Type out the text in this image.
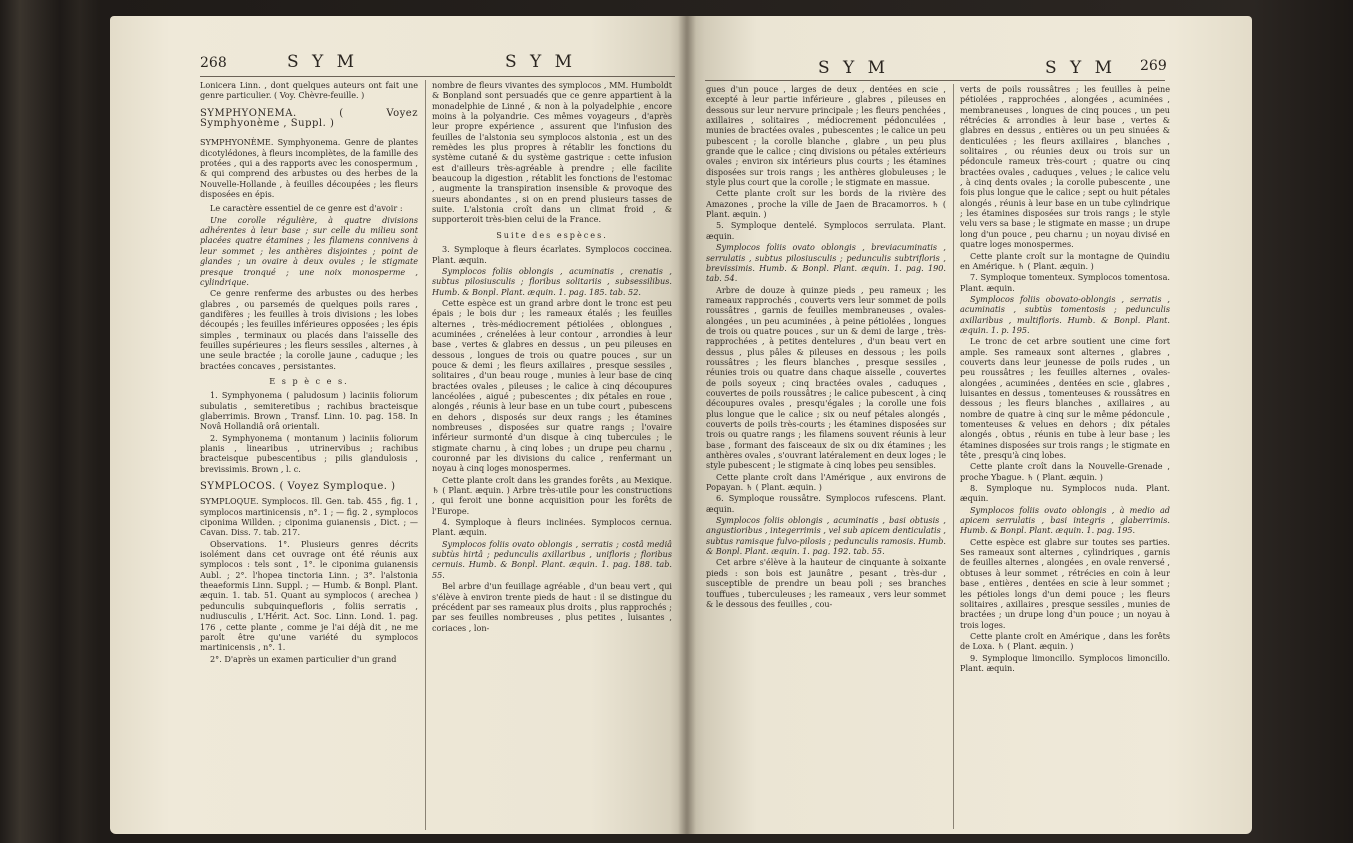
268	S Y M	S Y M	S Y M	S Y M 269

Lonicera Linn. , dont quelques auteurs ont fait une genre particulier. ( Voy. Chèvre-feuille. )

SYMPHYONEMA. ( Voyez Symphyonème , Suppl. )

SYMPHYONÈME. Symphyonema. Genre de plantes dicotylédones, à fleurs incomplètes, de la famille des protées , qui a des rapports avec les conospermum , & qui comprend des arbustes ou des herbes de la Nouvelle-Hollande , à feuilles découpées ; les fleurs disposées en épis.

Le caractère essentiel de ce genre est d'avoir :

Une corolle régulière, à quatre divisions adhérentes à leur base ; sur celle du milieu sont placées quatre étamines ; les filamens connivens à leur sommet ; les anthères disjointes ; point de glandes ; un ovaire à deux ovules ; le stigmate presque tronqué ; une noix monosperme , cylindrique.

Ce genre renferme des arbustes ou des herbes glabres , ou parsemés de quelques poils rares , gandifères ; les feuilles à trois divisions ; les lobes découpés ; les feuilles inférieures opposées ; les épis simples , terminaux ou placés dans l'aisselle des feuilles supérieures ; les fleurs sessiles , alternes , à une seule bractée ; la corolle jaune , caduque ; les bractées concaves , persistantes.

E s p è c e s.

1. Symphyonema ( paludosum ) laciniis foliorum subulatis , semiteretibus ; rachibus bracteisque glaberrimis. Brown , Transf. Linn. 10. pag. 158. In Novâ Hollandiâ orâ orientali.

2. Symphyonema ( montanum ) laciniis foliorum planis , linearibus , utrinervibus ; rachibus bracteisque pubescentibus ; pilis glandulosis , brevissimis. Brown , l. c.

SYMPLOCOS. ( Voyez Symploque. )

SYMPLOQUE. Symplocos. Ill. Gen. tab. 455 , fig. 1 , symplocos martinicensis , n°. 1 ; — fig. 2 , symplocos ciponima Willden. ; ciponima guianensis , Dict. ; — Cavan. Diss. 7. tab. 217.

Observations. 1°. Plusieurs genres décrits isolément dans cet ouvrage ont été réunis aux symplocos : tels sont , 1°. le ciponima guianensis Aubl. ; 2°. l'hopea tinctoria Linn. ; 3°. l'alstonia theaeformis Linn. Suppl. ; — Humb. & Bonpl. Plant. æquin. 1. tab. 51. Quant au symplocos ( arechea ) pedunculis subquinquefloris , foliis serratis , nudiusculis , L'Hérit. Act. Soc. Linn. Lond. 1. pag. 176 , cette plante , comme je l'ai déjà dit , ne me paroît être qu'une variété du symplocos martinicensis , n°. 1.

2°. D'après un examen particulier d'un grand

nombre de fleurs vivantes des symplocos , MM. Humboldt & Bonpland sont persuadés que ce genre appartient à la monadelphie de Linné , & non à la polyadelphie , encore moins à la polyandrie. Ces mêmes voyageurs , d'après leur propre expérience , assurent que l'infusion des feuilles de l'alstonia seu symplocos alstonia , est un des remèdes les plus propres à rétablir les fonctions du système cutané & du système gastrique : cette infusion est d'ailleurs très-agréable à prendre ; elle facilite beaucoup la digestion , rétablit les fonctions de l'estomac , augmente la transpiration insensible & provoque des sueurs abondantes , si on en prend plusieurs tasses de suite. L'alstonia croît dans un climat froid , & supporteroit très-bien celui de la France.

Suite des espèces.

3. Symploque à fleurs écarlates. Symplocos coccinea. Plant. æquin.

Symplocos foliis oblongis , acuminatis , crenatis , subtus pilosiusculis ; floribus solitariis , subsessilibus. Humb. & Bonpl. Plant. æquin. 1. pag. 185. tab. 52.

Cette espèce est un grand arbre dont le tronc est peu épais ; le bois dur ; les rameaux étalés ; les feuilles alternes , très-médiocrement pétiolées , oblongues , acuminées , crénelées à leur contour , arrondies à leur base , vertes & glabres en dessus , un peu pileuses en dessous , longues de trois ou quatre pouces , sur un pouce & demi ; les fleurs axillaires , presque sessiles , solitaires , d'un beau rouge , munies à leur base de cinq bractées ovales , pileuses ; le calice à cinq découpures lancéolées , aigué ; pubescentes ; dix pétales en roue , alongés , réunis à leur base en un tube court , pubescens en dehors , disposés sur deux rangs ; les étamines nombreuses , disposées sur quatre rangs ; l'ovaire inférieur surmonté d'un disque à cinq tubercules ; le stigmate charnu , à cinq lobes ; un drupe peu charnu , couronné par les divisions du calice , renfermant un noyau à cinq loges monospermes.

Cette plante croît dans les grandes forêts , au Mexique. ♄ ( Plant. æquin. ) Arbre très-utile pour les constructions , qui feroit une bonne acquisition pour les forêts de l'Europe.

4. Symploque à fleurs inclinées. Symplocos cernua. Plant. æquin.

Symplocos foliis ovato oblongis , serratis ; costâ mediâ subtùs hirtâ ; pedunculis axillaribus , unifloris ; floribus cernuis. Humb. & Bonpl. Plant. æquin. 1. pag. 188. tab. 55.

Bel arbre d'un feuillage agréable , d'un beau vert , qui s'élève à environ trente pieds de haut : il se distingue du précédent par ses rameaux plus droits , plus rapprochés ; par ses feuilles nombreuses , plus petites , luisantes , coriaces , lon-

gues d'un pouce , larges de deux , dentées en scie , excepté à leur partie inférieure , glabres , pileuses en dessous sur leur nervure principale ; les fleurs penchées , axillaires , solitaires , médiocrement pédonculées , munies de bractées ovales , pubescentes ; le calice un peu pubescent ; la corolle blanche , glabre , un peu plus grande que le calice ; cinq divisions ou pétales extérieurs ovales ; environ six intérieurs plus courts ; les étamines disposées sur trois rangs ; les anthères globuleuses ; le style plus court que la corolle ; le stigmate en massue.

Cette plante croît sur les bords de la rivière des Amazones , proche la ville de Jaen de Bracamorros. ♄ ( Plant. æquin. )

5. Symploque dentelé. Symplocos serrulata. Plant. æquin.

Symplocos foliis ovato oblongis , breviacuminatis , serrulatis , subtus pilosiusculis ; pedunculis subtrifloris , brevissimis. Humb. & Bonpl. Plant. æquin. 1. pag. 190. tab. 54.

Arbre de douze à quinze pieds , peu rameux ; les rameaux rapprochés , couverts vers leur sommet de poils roussâtres , garnis de feuilles membraneuses , ovales-alongées , un peu acuminées , à peine pétiolées , longues de trois ou quatre pouces , sur un & demi de large , très-rapprochées , à petites dentelures , d'un beau vert en dessus , plus pâles & pileuses en dessous ; les poils roussâtres ; les fleurs blanches , presque sessiles , réunies trois ou quatre dans chaque aisselle , couvertes de poils soyeux ; cinq bractées ovales , caduques , couvertes de poils roussâtres ; le calice pubescent , à cinq découpures ovales , presqu'égales ; la corolle une fois plus longue que le calice ; six ou neuf pétales alongés , couverts de poils très-courts ; les étamines disposées sur trois ou quatre rangs ; les filamens souvent réunis à leur base , formant des faisceaux de six ou dix étamines ; les anthères ovales , s'ouvrant latéralement en deux loges ; le style pubescent ; le stigmate à cinq lobes peu sensibles.

Cette plante croît dans l'Amérique , aux environs de Popayan. ♄ ( Plant. æquin. )

6. Symploque roussâtre. Symplocos rufescens. Plant. æquin.

Symplocos foliis oblongis , acuminatis , basi obtusis , angustioribus , integerrimis , vel sub apicem denticulatis , subtus ramisque fulvo-pilosis ; pedunculis ramosis. Humb. & Bonpl. Plant. æquin. 1. pag. 192. tab. 55.

Cet arbre s'élève à la hauteur de cinquante à soixante pieds : son bois est jaunâtre , pesant , très-dur , susceptible de prendre un beau poli ; ses branches touffues , tuberculeuses ; les rameaux , vers leur sommet & le dessous des feuilles , cou-

verts de poils roussâtres ; les feuilles à peine pétiolées , rapprochées , alongées , acuminées , membraneuses , longues de cinq pouces , un peu rétrécies & arrondies à leur base , vertes & glabres en dessus , entières ou un peu sinuées & denticulées ; les fleurs axillaires , blanches , solitaires , ou réunies deux ou trois sur un pédoncule rameux très-court ; quatre ou cinq bractées ovales , caduques , velues ; le calice velu , à cinq dents ovales ; la corolle pubescente , une fois plus longue que le calice ; sept ou huit pétales alongés , réunis à leur base en un tube cylindrique ; les étamines disposées sur trois rangs ; le style velu vers sa base ; le stigmate en masse ; un drupe long d'un pouce , peu charnu ; un noyau divisé en quatre loges monospermes.

Cette plante croît sur la montagne de Quindiu en Amérique. ♄ ( Plant. æquin. )

7. Symploque tomenteux. Symplocos tomentosa. Plant. æquin.

Symplocos foliis obovato-oblongis , serratis , acuminatis , subtùs tomentosis ; pedunculis axillaribus , multifloris. Humb. & Bonpl. Plant. æquin. 1. p. 195.

Le tronc de cet arbre soutient une cime fort ample. Ses rameaux sont alternes , glabres , couverts dans leur jeunesse de poils rudes , un peu roussâtres ; les feuilles alternes , ovales-alongées , acuminées , dentées en scie , glabres , luisantes en dessus , tomenteuses & roussâtres en dessous ; les fleurs blanches , axillaires , au nombre de quatre à cinq sur le même pédoncule , tomenteuses & velues en dehors ; dix pétales alongés , obtus , réunis en tube à leur base ; les étamines disposées sur trois rangs ; le stigmate en tête , presqu'à cinq lobes.

Cette plante croît dans la Nouvelle-Grenade , proche Ybague. ♄ ( Plant. æquin. )

8. Symploque nu. Symplocos nuda. Plant. æquin.

Symplocos foliis ovato oblongis , à medio ad apicem serrulatis , basi integris , glaberrimis. Humb. & Bonpl. Plant. æquin. 1. pag. 195.

Cette espèce est glabre sur toutes ses parties. Ses rameaux sont alternes , cylindriques , garnis de feuilles alternes , alongées , en ovale renversé , obtuses à leur sommet , rétrécies en coin à leur base , entières , dentées en scie à leur sommet ; les pétioles longs d'un demi pouce ; les fleurs solitaires , axillaires , presque sessiles , munies de bractées ; un drupe long d'un pouce ; un noyau à trois loges.

Cette plante croît en Amérique , dans les forêts de Loxa. ♄ ( Plant. æquin. )

9. Symploque limoncillo. Symplocos limoncillo. Plant. æquin.
